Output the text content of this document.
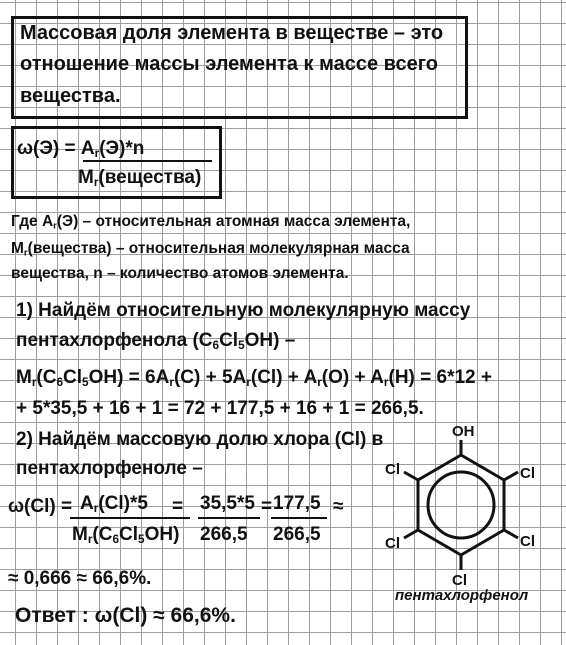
Массовая доля элемента в веществе – это
отношение массы элемента к массе всего
вещества.
$\omega(Э) = A_r(Э)*n$
$M_r(вещества)$
Где $A_r(Э)$ – относительная атомная масса элемента,
$M_r(вещества)$ – относительная молекулярная масса
вещества, n – количество атомов элемента.
1) Найдём относительную молекулярную массу
пентахлорфенола $(C_6Cl_5OH)$ –
$M_r(C_6Cl_5OH) = 6A_r(C) + 5A_r(Cl) + A_r(O) + A_r(H) = 6*12$ +
+ 5*35,5 + 16 + 1 = 72 + 177,5 + 16 + 1 = 266,5.
2) Найдём массовую долю хлора (Cl) в
пентахлорфеноле –
$\omega(Cl) = A_r(Cl)*5$
$M_r(C_6Cl_5OH)$
= 35,5*5
266,5
= 177,5
266,5
≈
≈ 0,666 ≈ 66,6%.
Ответ : ω(Cl) ≈ 66,6%.
OH
Cl
Cl
Cl
Cl
Cl
пентахлорфенол
